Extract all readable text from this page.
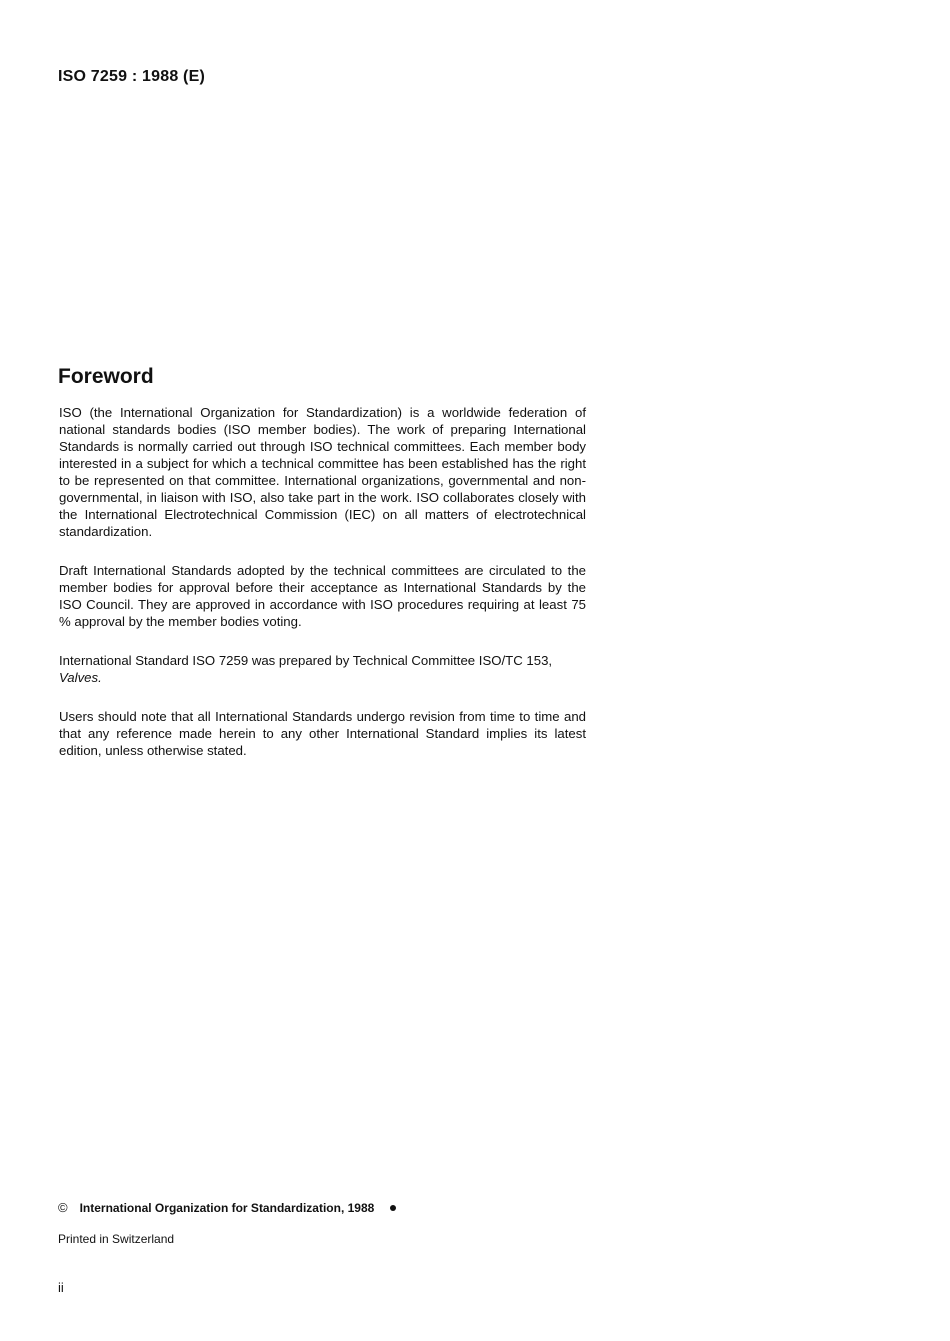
ISO 7259 : 1988 (E)
Foreword

ISO (the International Organization for Standardization) is a worldwide federation of national standards bodies (ISO member bodies). The work of preparing International Standards is normally carried out through ISO technical committees. Each member body interested in a subject for which a technical committee has been established has the right to be represented on that committee. International organizations, governmental and non-governmental, in liaison with ISO, also take part in the work. ISO collaborates closely with the International Electrotechnical Commission (IEC) on all matters of electrotechnical standardization.

Draft International Standards adopted by the technical committees are circulated to the member bodies for approval before their acceptance as International Standards by the ISO Council. They are approved in accordance with ISO procedures requiring at least 75 % approval by the member bodies voting.

International Standard ISO 7259 was prepared by Technical Committee ISO/TC 153,
Valves.

Users should note that all International Standards undergo revision from time to time and that any reference made herein to any other International Standard implies its latest edition, unless otherwise stated.

© International Organization for Standardization, 1988
Printed in Switzerland
ii
